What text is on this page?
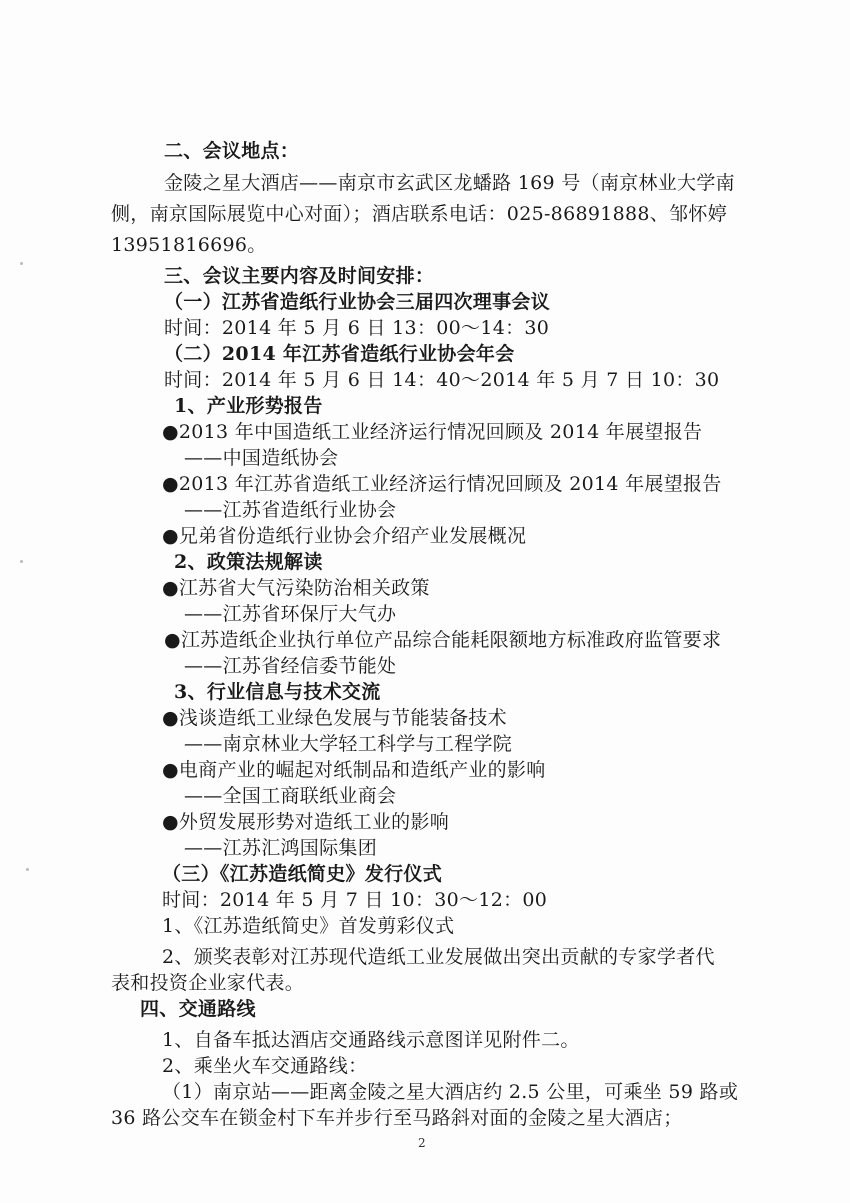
二、会议地点：
金陵之星大酒店——南京市玄武区龙蟠路 169 号（南京林业大学南
侧，南京国际展览中心对面）；酒店联系电话：025-86891888、邹怀婷
13951816696。
三、会议主要内容及时间安排：
（一）江苏省造纸行业协会三届四次理事会议
时间：2014 年 5 月 6 日 13：00～14：30
（二）2014 年江苏省造纸行业协会年会
时间：2014 年 5 月 6 日 14：40～2014 年 5 月 7 日 10：30
1、产业形势报告
●2013 年中国造纸工业经济运行情况回顾及 2014 年展望报告
——中国造纸协会
●2013 年江苏省造纸工业经济运行情况回顾及 2014 年展望报告
——江苏省造纸行业协会
●兄弟省份造纸行业协会介绍产业发展概况
2、政策法规解读
●江苏省大气污染防治相关政策
——江苏省环保厅大气办
●江苏造纸企业执行单位产品综合能耗限额地方标准政府监管要求
——江苏省经信委节能处
3、行业信息与技术交流
●浅谈造纸工业绿色发展与节能装备技术
——南京林业大学轻工科学与工程学院
●电商产业的崛起对纸制品和造纸产业的影响
——全国工商联纸业商会
●外贸发展形势对造纸工业的影响
——江苏汇鸿国际集团
（三）《江苏造纸简史》发行仪式
时间：2014 年 5 月 7 日 10：30～12：00
1、《江苏造纸简史》首发剪彩仪式
2、颁奖表彰对江苏现代造纸工业发展做出突出贡献的专家学者代
表和投资企业家代表。
四、交通路线
1、自备车抵达酒店交通路线示意图详见附件二。
2、乘坐火车交通路线：
（1）南京站——距离金陵之星大酒店约 2.5 公里，可乘坐 59 路或
36 路公交车在锁金村下车并步行至马路斜对面的金陵之星大酒店；
2
